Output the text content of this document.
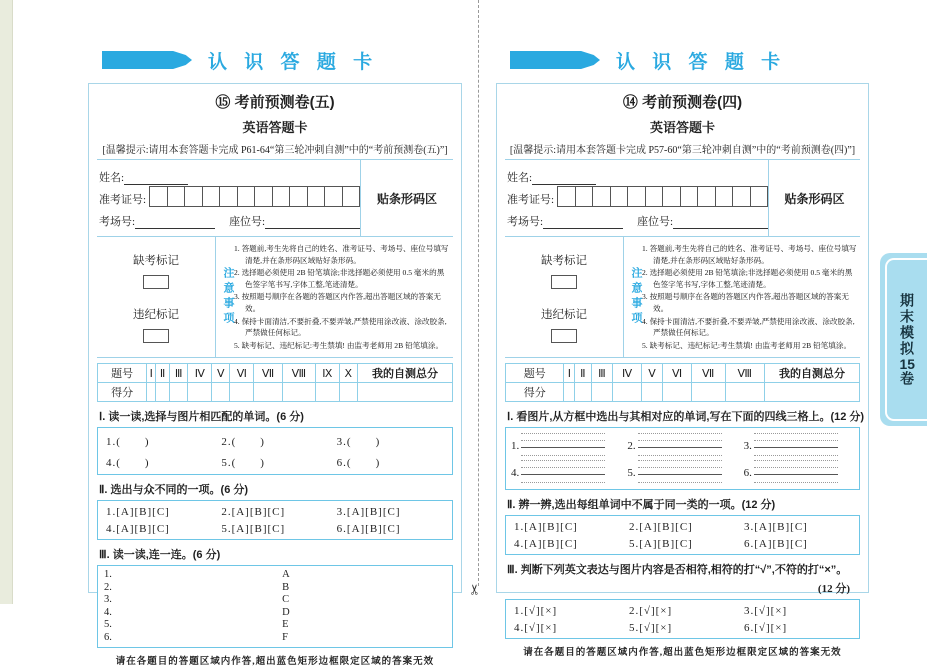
✂
认 识 答 题 卡
⑮ 考前预测卷(五)
英语答题卡
[温馨提示:请用本套答题卡完成 P61-64“第三轮冲刺自测”中的“考前预测卷(五)”]
姓名:
准考证号:
考场号:	座位号:
贴条形码区
缺考标记
违纪标记	注意事项
1. 答题前,考生先将自己的姓名、准考证号、考场号、座位号填写清楚,并在条形码区域贴好条形码。
2. 选择题必须使用 2B 铅笔填涂;非选择题必须使用 0.5 毫米的黑色签字笔书写,字体工整,笔迹清楚。
3. 按照题号顺序在各题的答题区内作答,超出答题区域的答案无效。
4. 保持卡面清洁,不要折叠,不要弄皱,严禁使用涂改液、涂改胶条,严禁做任何标记。
5. 缺考标记、违纪标记:考生禁填! 由监考老师用 2B 铅笔填涂。
题号	Ⅰ	Ⅱ	Ⅲ	Ⅳ	Ⅴ	Ⅵ	Ⅶ	Ⅷ	Ⅸ	Ⅹ	我的自测总分
得分											
Ⅰ. 读一读,选择与图片相匹配的单词。(6 分)
1.(　　)	2.(　　)	3.(　　)
4.(　　)	5.(　　)	6.(　　)
Ⅱ. 选出与众不同的一项。(6 分)
1.[A][B][C]	2.[A][B][C]	3.[A][B][C]
4.[A][B][C]	5.[A][B][C]	6.[A][B][C]
Ⅲ. 读一读,连一连。(6 分)
1.	A
2.	B
3.	C
4.	D
5.	E
6.	F
请在各题目的答题区域内作答,超出蓝色矩形边框限定区域的答案无效
认 识 答 题 卡
⑭ 考前预测卷(四)
英语答题卡
[温馨提示:请用本套答题卡完成 P57-60“第三轮冲刺自测”中的“考前预测卷(四)”]
姓名:
准考证号:
考场号:	座位号:
贴条形码区
缺考标记
违纪标记	注意事项
1. 答题前,考生先将自己的姓名、准考证号、考场号、座位号填写清楚,并在条形码区域贴好条形码。
2. 选择题必须使用 2B 铅笔填涂;非选择题必须使用 0.5 毫米的黑色签字笔书写,字体工整,笔迹清楚。
3. 按照题号顺序在各题的答题区内作答,超出答题区域的答案无效。
4. 保持卡面清洁,不要折叠,不要弄皱,严禁使用涂改液、涂改胶条,严禁做任何标记。
5. 缺考标记、违纪标记:考生禁填! 由监考老师用 2B 铅笔填涂。
题号	Ⅰ	Ⅱ	Ⅲ	Ⅳ	Ⅴ	Ⅵ	Ⅶ	Ⅷ	我的自测总分
得分									
Ⅰ. 看图片,从方框中选出与其相对应的单词,写在下面的四线三格上。(12 分)
1.	2.	3.
4.	5.	6.
Ⅱ. 辨一辨,选出每组单词中不属于同一类的一项。(12 分)
1.[A][B][C]	2.[A][B][C]	3.[A][B][C]
4.[A][B][C]	5.[A][B][C]	6.[A][B][C]
Ⅲ. 判断下列英文表达与图片内容是否相符,相符的打“√”,不符的打“×”。
(12 分)
1.[√][×]	2.[√][×]	3.[√][×]
4.[√][×]	5.[√][×]	6.[√][×]
请在各题目的答题区域内作答,超出蓝色矩形边框限定区域的答案无效
期末模拟15卷
